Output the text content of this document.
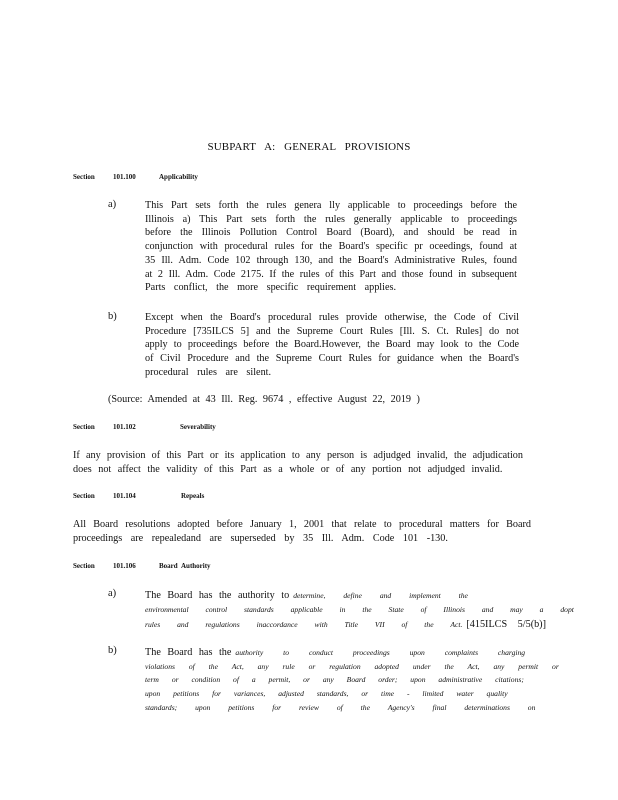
SUBPART A: GENERAL PROVISIONS
Section	101.100	Applicability
a)	This Part sets forth the rules genera lly applicable to proceedings before the
Illinois a) This Part sets forth the rules generally applicable to proceedings
before the Illinois Pollution Control Board (Board), and should be read in
conjunction with procedural rules for the Board's specific pr oceedings, found at
35 Ill. Adm. Code 102 through 130, and the Board's Administrative Rules, found
at 2 Ill. Adm. Code 2175. If the rules of this Part and those found in subsequent
Parts conflict, the more specific requirement applies.
b)	Except when the Board's procedural rules provide otherwise, the Code of Civil
Procedure [735ILCS 5] and the Supreme Court Rules [Ill. S. Ct. Rules] do not
apply to proceedings before the Board.However, the Board may look to the Code
of Civil Procedure and the Supreme Court Rules for guidance when the Board's
procedural rules are silent.
(Source: Amended at 43 Ill. Reg. 9674 , effective August 22, 2019 )
Section	101.102	Severability
If any provision of this Part or its application to any person is adjudged invalid, the adjudication
does not affect the validity of this Part as a whole or of any portion not adjudged invalid.
Section	101.104	Repeals
All Board resolutions adopted before January 1, 2001 that relate to procedural matters for Board
proceedings are repealedand are superseded by 35 Ill. Adm. Code 101 -130.
Section	101.106	Board Authority
a)	The Board has the authority to determine, define and implement the
environmental control standards applicable in the State of Illinois and may a dopt
rules and regulations inaccordance with Title VII of the Act. [415ILCS 5/5(b)]
b)	The Board has the authority to conduct proceedings upon complaints charging
violations of the Act, any rule or regulation adopted under the Act, any permit or
term or condition of a permit, or any Board order; upon administrative citations;
upon petitions for variances, adjusted standards, or time - limited water quality
standards; upon petitions for review of the Agency's final determinations on
